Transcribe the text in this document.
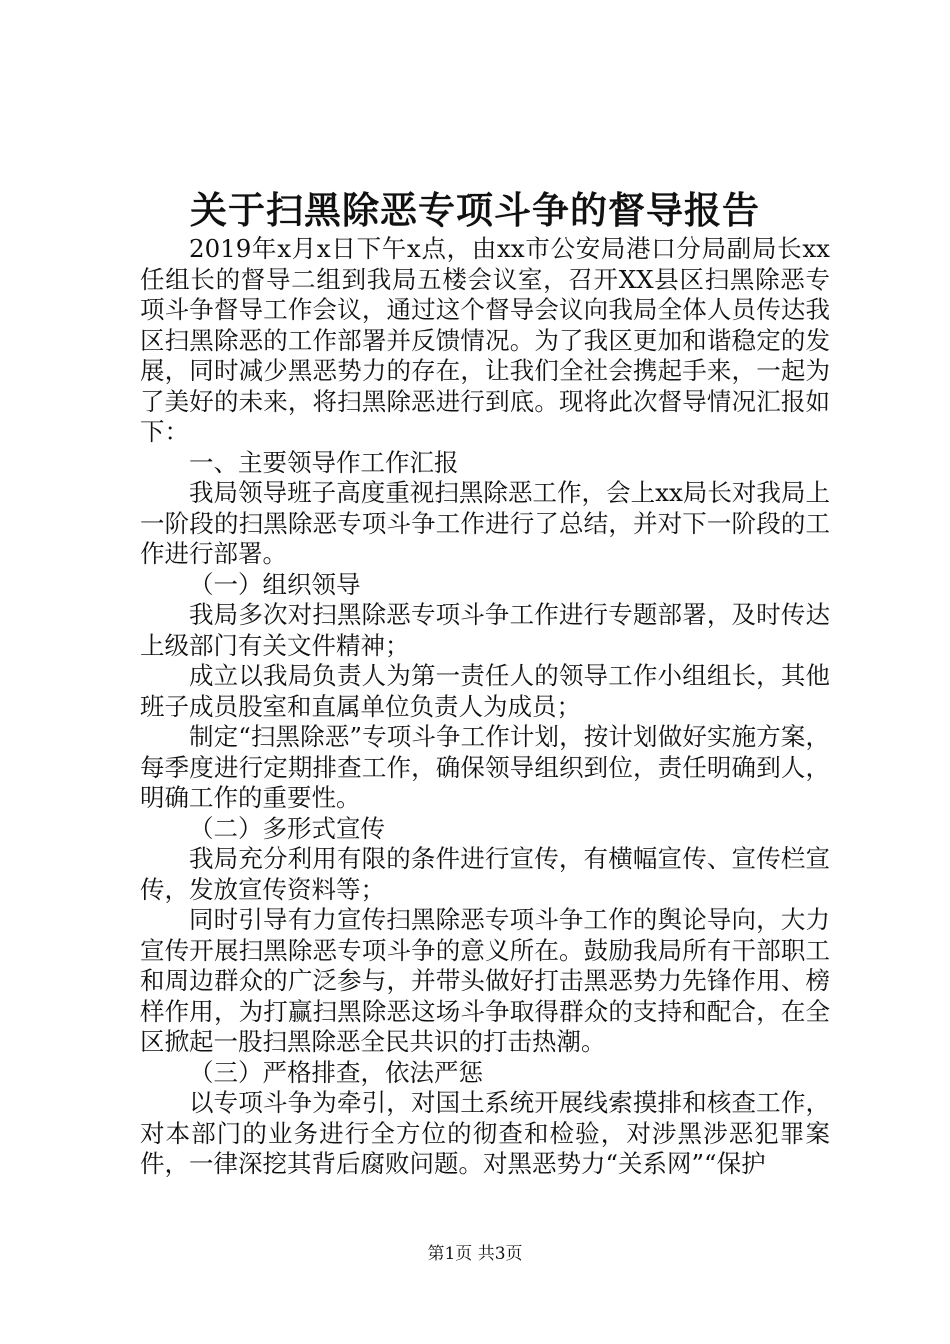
关于扫黑除恶专项斗争的督导报告

2019年x月x日下午x点，由xx市公安局港口分局副局长xx任组长的督导二组到我局五楼会议室，召开XX县区扫黑除恶专项斗争督导工作会议，通过这个督导会议向我局全体人员传达我区扫黑除恶的工作部署并反馈情况。为了我区更加和谐稳定的发展，同时减少黑恶势力的存在，让我们全社会携起手来，一起为了美好的未来，将扫黑除恶进行到底。现将此次督导情况汇报如下：

一、主要领导作工作汇报

我局领导班子高度重视扫黑除恶工作，会上xx局长对我局上一阶段的扫黑除恶专项斗争工作进行了总结，并对下一阶段的工作进行部署。

（一）组织领导

我局多次对扫黑除恶专项斗争工作进行专题部署，及时传达上级部门有关文件精神；

成立以我局负责人为第一责任人的领导工作小组组长，其他班子成员股室和直属单位负责人为成员；

制定“扫黑除恶”专项斗争工作计划，按计划做好实施方案，每季度进行定期排查工作，确保领导组织到位，责任明确到人，明确工作的重要性。

（二）多形式宣传

我局充分利用有限的条件进行宣传，有横幅宣传、宣传栏宣传，发放宣传资料等；

同时引导有力宣传扫黑除恶专项斗争工作的舆论导向，大力宣传开展扫黑除恶专项斗争的意义所在。鼓励我局所有干部职工和周边群众的广泛参与，并带头做好打击黑恶势力先锋作用、榜样作用，为打赢扫黑除恶这场斗争取得群众的支持和配合，在全区掀起一股扫黑除恶全民共识的打击热潮。

（三）严格排查，依法严惩

以专项斗争为牵引，对国土系统开展线索摸排和核查工作，对本部门的业务进行全方位的彻查和检验，对涉黑涉恶犯罪案件，一律深挖其背后腐败问题。对黑恶势力“关系网”“保护

第1页 共3页
